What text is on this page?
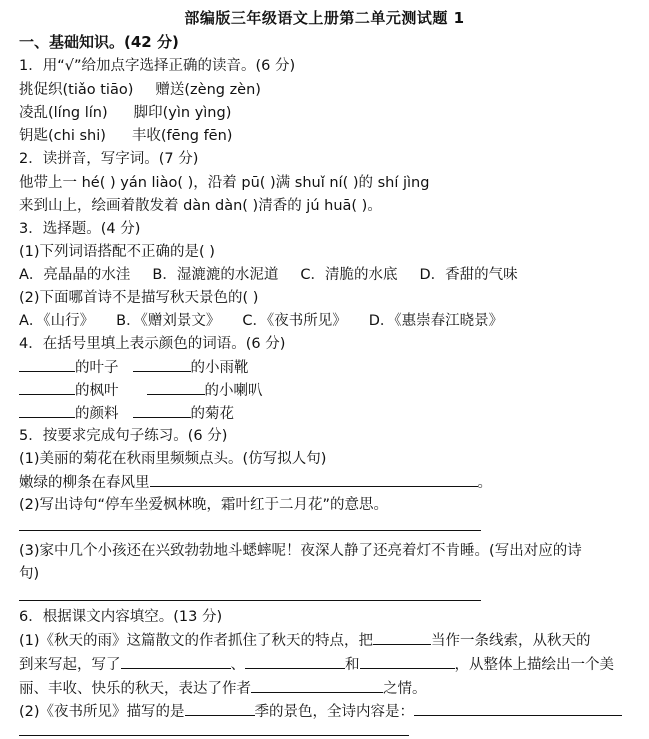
部编版三年级语文上册第二单元测试题 1
一、基础知识。(42 分)
1．用“√”给加点字选择正确的读音。(6 分)
挑促织(tiǎo tiāo) 赠送(zèng zèn)
凌乱(líng lín) 脚印(yìn yìng)
钥匙(chi shi) 丰收(fēng fēn)
2．读拼音，写字词。(7 分)
他带上一 hé( ) yán liào( )，沿着 pū( )满 shuǐ ní( )的 shí jìng
来到山上，绘画着散发着 dàn dàn( )清香的 jú huā( )。
3．选择题。(4 分)
(1)下列词语搭配不正确的是( )
A．亮晶晶的水洼 B．湿漉漉的水泥道 C．清脆的水底 D．香甜的气味
(2)下面哪首诗不是描写秋天景色的( )
A．《山行》 B．《赠刘景文》 C．《夜书所见》 D．《惠崇春江晓景》
4．在括号里填上表示颜色的词语。(6 分)
的叶子	的小雨靴
的枫叶	的小喇叭
的颜料	的菊花
5．按要求完成句子练习。(6 分)
(1)美丽的菊花在秋雨里频频点头。(仿写拟人句)
嫩绿的柳条在春风里	。
(2)写出诗句“停车坐爱枫林晚，霜叶红于二月花”的意思。
(3)家中几个小孩还在兴致勃勃地斗蟋蟀呢！夜深人静了还亮着灯不肯睡。(写出对应的诗
句)
6．根据课文内容填空。(13 分)
(1)《秋天的雨》这篇散文的作者抓住了秋天的特点，把	当作一条线索，从秋天的
到来写起，写了	、	和	，从整体上描绘出一个美
丽、丰收、快乐的秋天，表达了作者	之情。
(2)《夜书所见》描写的是	季的景色，全诗内容是：
